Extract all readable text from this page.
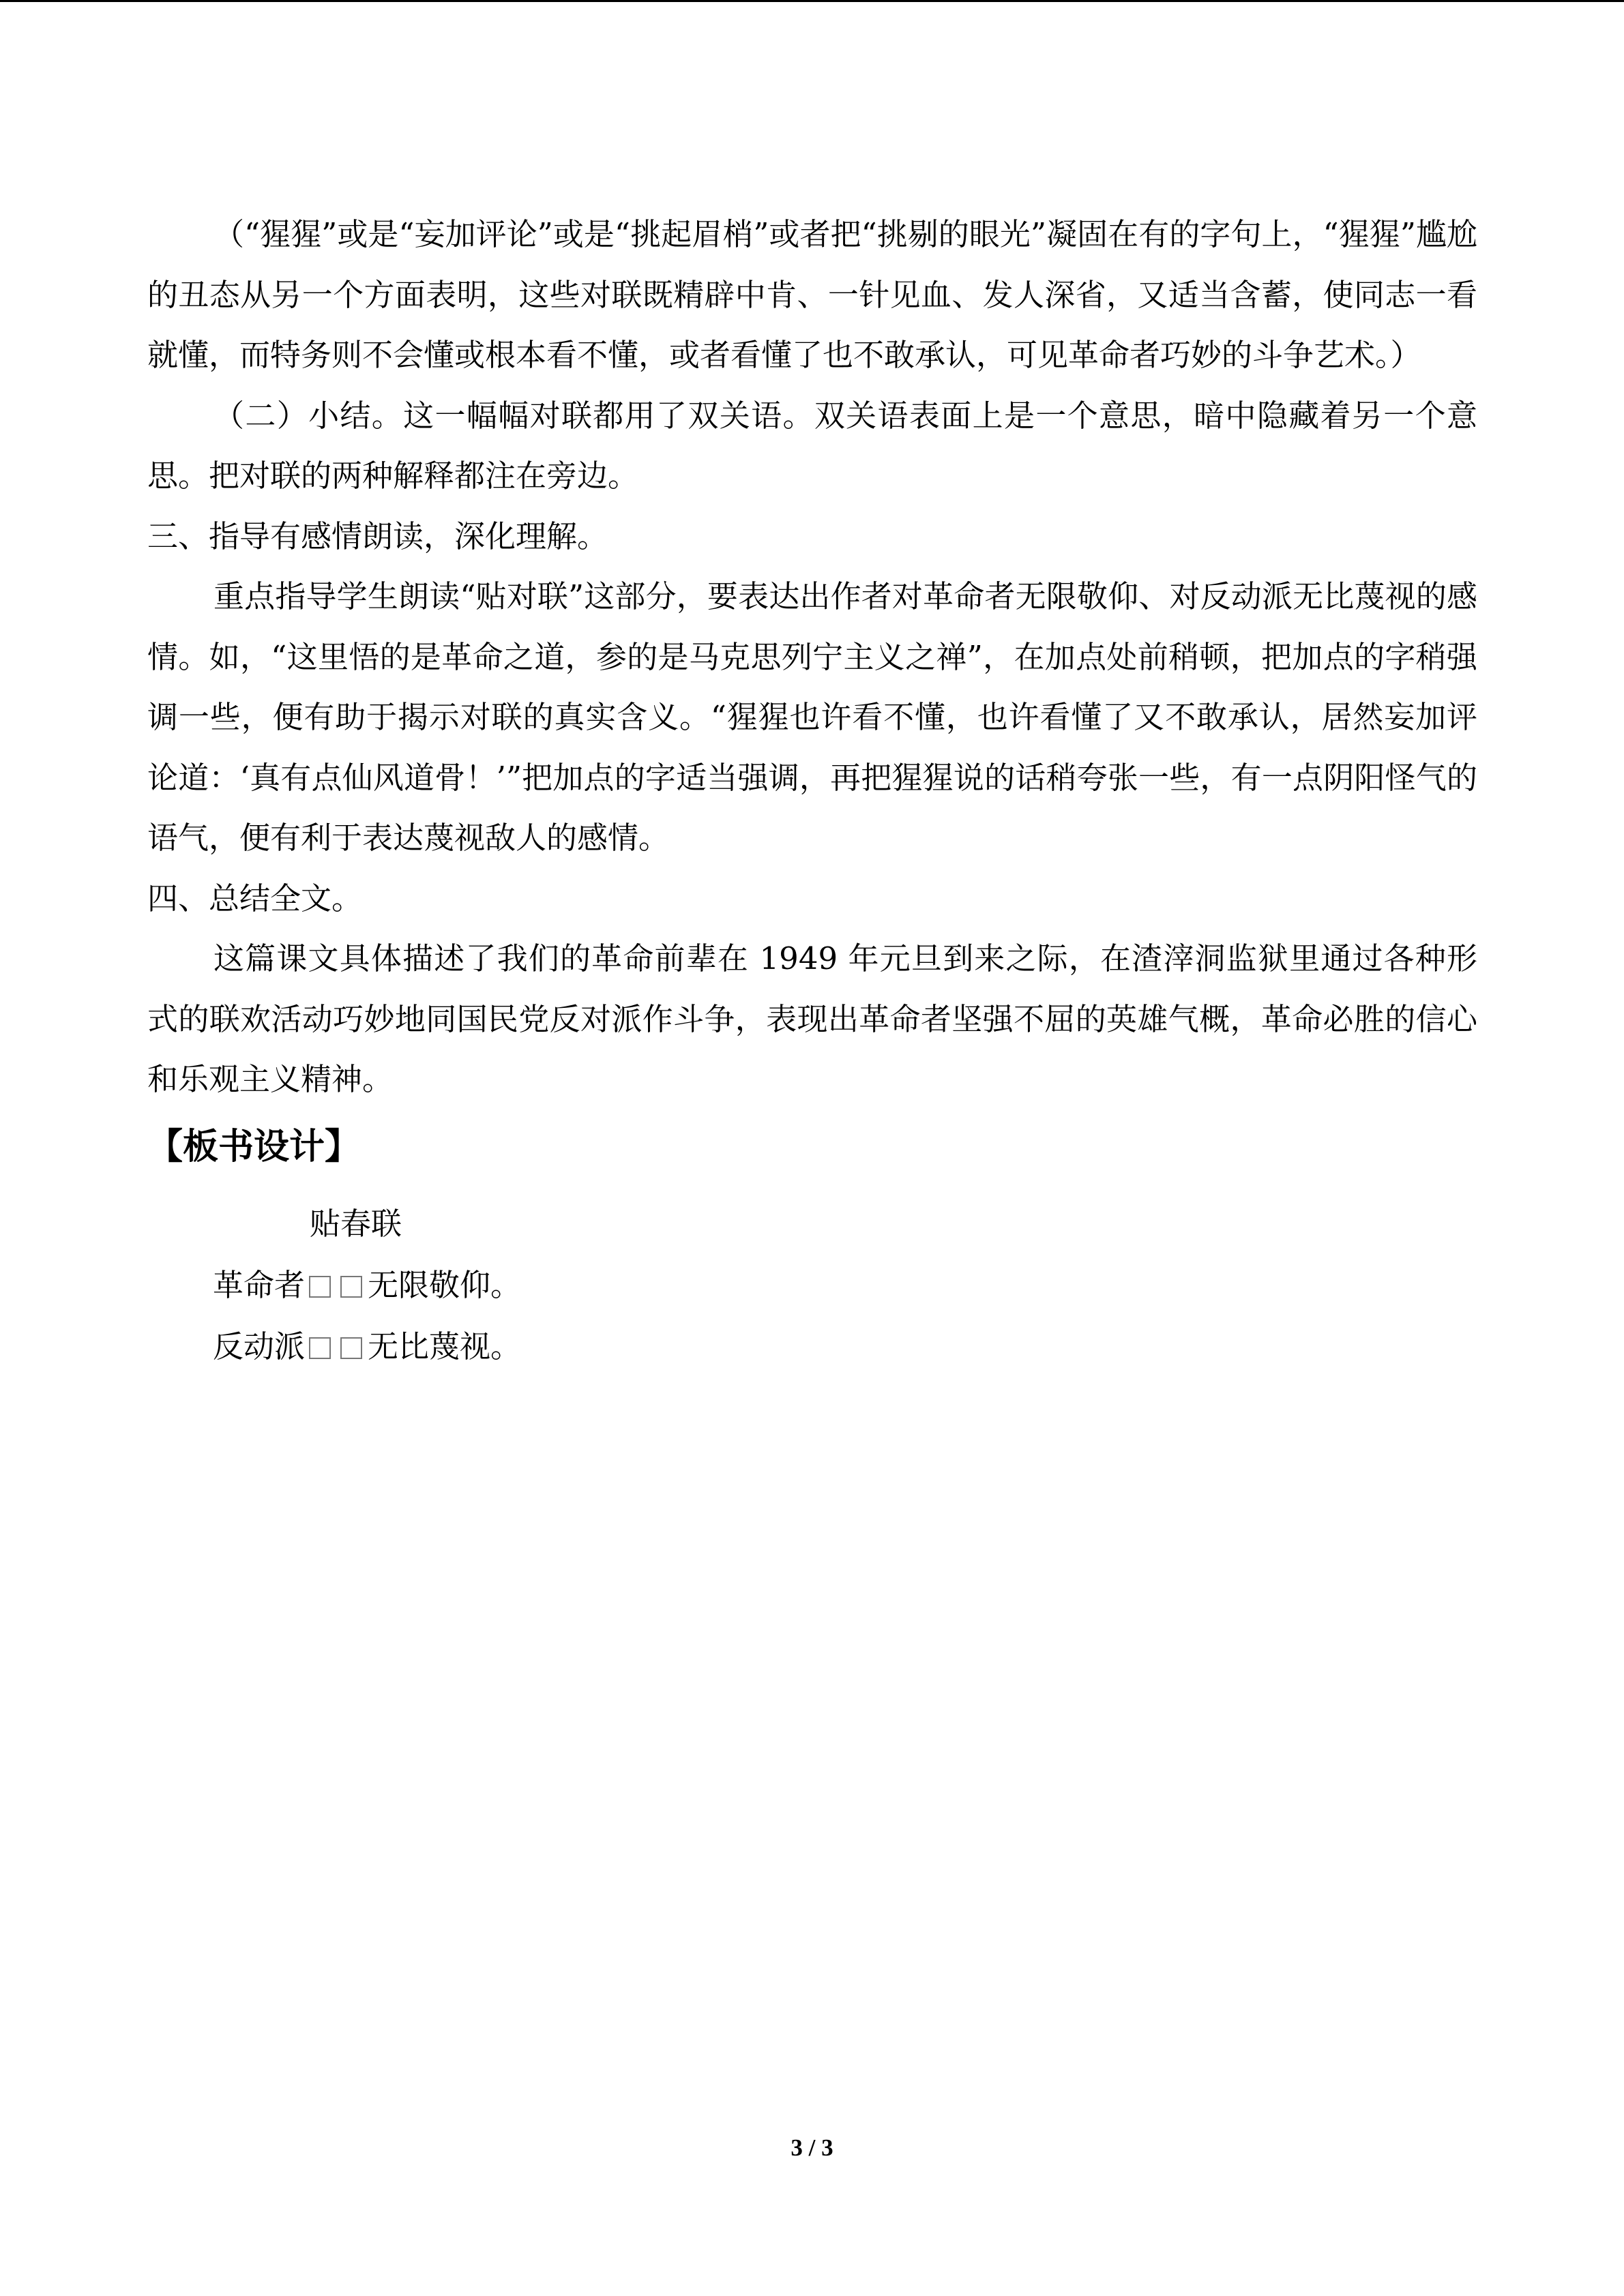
（“猩猩”或是“妄加评论”或是“挑起眉梢”或者把“挑剔的眼光”凝固在有的字句上，“猩猩”尴尬的丑态从另一个方面表明，这些对联既精辟中肯、一针见血、发人深省，又适当含蓄，使同志一看就懂，而特务则不会懂或根本看不懂，或者看懂了也不敢承认，可见革命者巧妙的斗争艺术。）

（二）小结。这一幅幅对联都用了双关语。双关语表面上是一个意思，暗中隐藏着另一个意思。把对联的两种解释都注在旁边。

三、指导有感情朗读，深化理解。

重点指导学生朗读“贴对联”这部分，要表达出作者对革命者无限敬仰、对反动派无比蔑视的感情。如，“这里悟的是革命之道，参的是马克思列宁主义之禅”，在加点处前稍顿，把加点的字稍强调一些，便有助于揭示对联的真实含义。“猩猩也许看不懂，也许看懂了又不敢承认，居然妄加评论道：‘真有点仙风道骨！’”把加点的字适当强调，再把猩猩说的话稍夸张一些，有一点阴阳怪气的语气，便有利于表达蔑视敌人的感情。

四、总结全文。

这篇课文具体描述了我们的革命前辈在 1949 年元旦到来之际，在渣滓洞监狱里通过各种形式的联欢活动巧妙地同国民党反对派作斗争，表现出革命者坚强不屈的英雄气概，革命必胜的信心和乐观主义精神。

【板书设计】

贴春联

革命者 无限敬仰。

反动派 无比蔑视。

3 / 3
